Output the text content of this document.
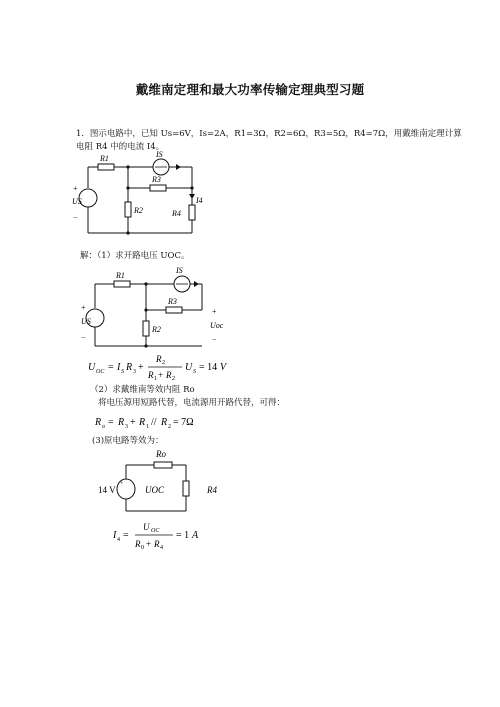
戴维南定理和最大功率传输定理典型习题
1．图示电路中，已知 Us=6V，Is=2A，R1=3Ω，R2=6Ω，R3=5Ω，R4=7Ω，用戴维南定理计算
电阻 R4 中的电流 I4。
R1	IS
R3
R2	R4
I4
US
+
−
解：（1）求开路电压 UOC。
R1
IS
R3
R2
US
+
−
+
Uoc
−
U OC = I S R 3 +
R 2
R 1 + R 2
U S = 14 V
（2）求戴维南等效内阻 Ro
将电压源用短路代替，电流源用开路代替，可得：
R o = R 3 + R 1 // R 2 = 7Ω
(3)原电路等效为：
Ro
14 V
+
UOC	R4
I 4 =
U OC
R 0 + R 4
= 1 A
